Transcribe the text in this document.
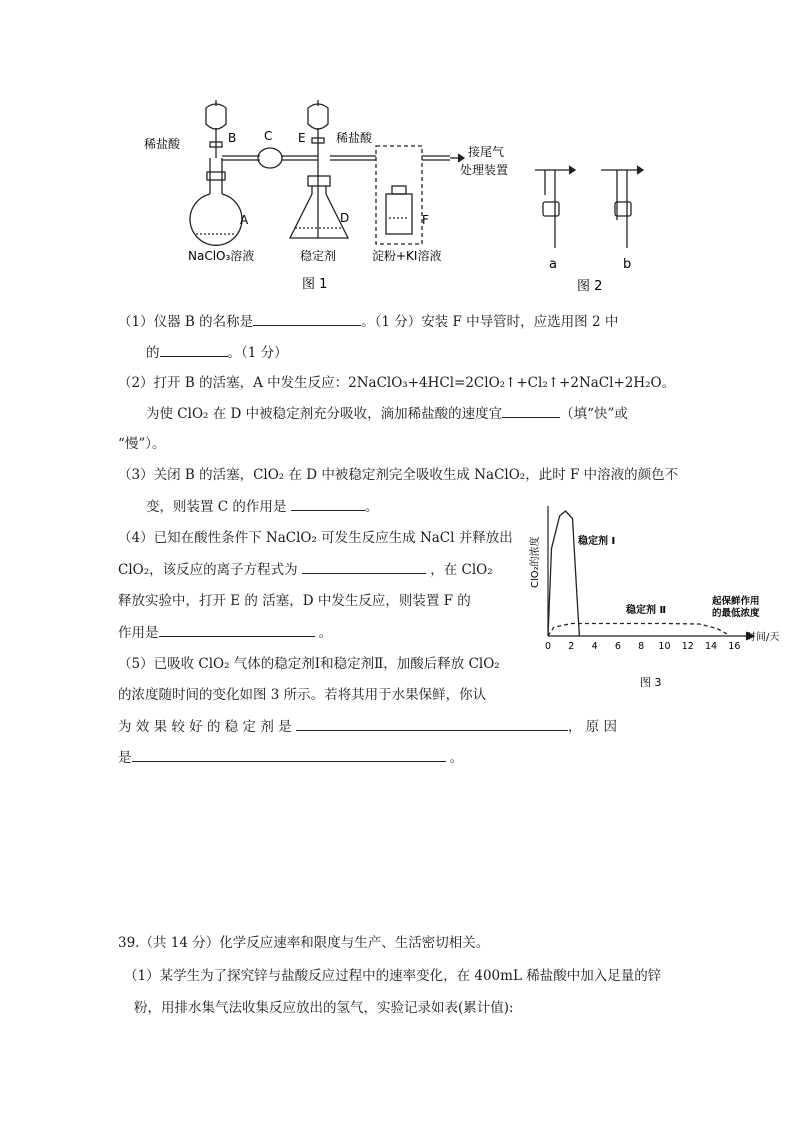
稀盐酸	B C E	稀盐酸
A	D	F
NaClO₃溶液	稳定剂	淀粉+KI溶液
接尾气
处理装置
图 1
a	b
图 2
（1）仪器 B 的名称是	。（1 分）安装 F 中导管时，应选用图 2 中
的	。（1 分）
（2）打开 B 的活塞，A 中发生反应：2NaClO₃+4HCl=2ClO₂↑+Cl₂↑+2NaCl+2H₂O。
为使 ClO₂ 在 D 中被稳定剂充分吸收，滴加稀盐酸的速度宜	（填“快”或
“慢”）。
（3）关闭 B 的活塞，ClO₂ 在 D 中被稳定剂完全吸收生成 NaClO₂，此时 F 中溶液的颜色不
变，则装置 C 的作用是	。
（4）已知在酸性条件下 NaClO₂ 可发生反应生成 NaCl 并释放出
ClO₂，该反应的离子方程式为	，在 ClO₂
释放实验中，打开 E 的 活塞，D 中发生反应，则装置 F 的
作用是	。
（5）已吸收 ClO₂ 气体的稳定剂Ⅰ和稳定剂Ⅱ，加酸后释放 ClO₂
的浓度随时间的变化如图 3 所示。若将其用于水果保鲜，你认
为 效 果 较 好 的 稳 定 剂 是	， 原 因
是	。
39.（共 14 分）化学反应速率和限度与生产、生活密切相关。
（1）某学生为了探究锌与盐酸反应过程中的速率变化，在 400mL 稀盐酸中加入足量的锌
粉，用排水集气法收集反应放出的氢气，实验记录如表(累计值):
ClO₂的浓度
时间/天
0 2 4 6 8 10 12 14 16
稳定剂 Ⅰ
稳定剂 Ⅱ
起保鲜作用
的最低浓度
图 3
